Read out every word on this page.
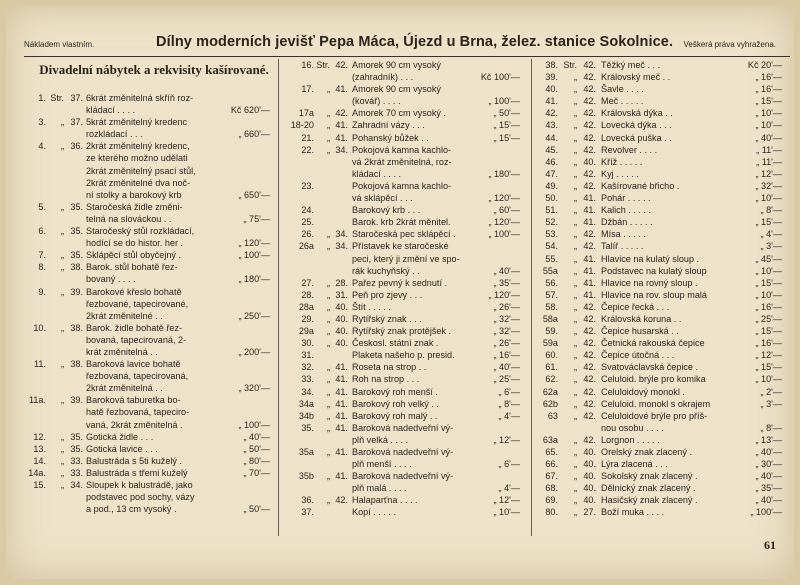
Nákladem vlastním.	Dílny moderních jevišť Pepa Máca, Újezd u Brna, želez. stanice Sokolnice. Veškerá práva vyhražena.
Divadelní nábytek a rekvisity kašírované.
1. Str. 37. 6krát změnitelná skříň roz-
kládací . . . .	Kč 620'—
3.	„ 37. 5krát změnitelný kredenc
rozkládací . . .	„ 660'—
4.	„ 36. 2krát změnitelný kredenc,
ze kterého možno udělati
2krát změnitelný psací stůl,
2krát změnitelné dva noč-
ní stolky a barokový krb	„ 650'—
5.	„ 35. Staročeská židle změni-
telná na slováckou . .	„ 75'—
6.	„ 35. Staročeský stůl rozkládací,
hodící se do histor. her .	„ 120'—
7.	„ 35. Sklápěcí stůl obyčejný .	„ 100'—
8.	„ 38. Barok. stůl bohatě řez-
bovaný . . . .	„ 180'—
9.	„ 39. Barokové křeslo bohatě
řezbované, tapecirované,
2krát změnitelné . .	„ 250'—
10.	„ 38. Barok. židle bohatě řez-
bovaná, tapecirovaná, 2-
krát změnitelná . .	„ 200'—
11.	„ 38. Baroková lavice bohatě
řezbovaná, tapecirovaná,
2krát změnitelná . .	„ 320'—
11a.	„ 39. Baroková taburetka bo-
hatě řezbovaná, tapeciro-
vaná, 2krát změnitelná .	„ 100'—
12.	„ 35. Gotická židle . . .	„ 40'—
13.	„ 35. Gotická lavice . . .	„ 50'—
14.	„ 33. Balustráda s 5ti kuželý .	„ 80'—
14a.	„ 33. Balustráda s třemi kuželý	„ 70'—
15.	„ 34. Sloupek k balustrádě, jako
podstavec pod sochy, vázy
a pod., 13 cm vysoký .	„ 50'—
16. Str. 42. Amorek 90 cm vysoký
(zahradník) . . .	Kč 100'—
17.	„ 41. Amorek 90 cm vysoký
(kovář) . . . .	„ 100'—
17a	„ 42. Amorek 70 cm vysoký .	„ 50'—
18-20	„ 41. Zahradní vázy . . .	„ 15'—
21.	„ 41. Pohanský bůžek . .	„ 15'—
22.	„ 34. Pokojová kamna kachlo-
vá 2krát změnitelná, roz-
kládací . . . .	„ 180'—
23.	Pokojová kamna kachlo-
vá sklápěcí . . .	„ 120'—
24.	Barokový krb . . .	„ 60'—
25.	Barok. krb 2krát měnitel.	„ 120'—
26.	„ 34. Staročeská pec sklápěcí .	„ 100'—
26a	„ 34. Přístavek ke staročeské
peci, který ji změní ve spo-
rák kuchyňský . .	„ 40'—
27.	„ 28. Pařez pevný k sednutí .	„ 35'—
28.	„ 31. Peň pro zjevy . . .	„ 120'—
28a	„ 40. Štít . . . . .	„ 26'—
29.	„ 40. Rytířský znak . . .	„ 32'—
29a	„ 40. Rytířský znak protějšek .	„ 32'—
30.	„ 40. Českosl. státní znak .	„ 26'—
31.	Plaketa našeho p. presid.	„ 16'—
32.	„ 41. Roseta na strop . .	„ 40'—
33.	„ 41. Roh na strop . . .	„ 25'—
34.	„ 41. Barokový roh menší .	„ 6'—
34a	„ 41. Barokový roh velký . .	„ 8'—
34b	„ 41. Barokový roh malý . .	„ 4'—
35.	„ 41. Baroková nadedveřní vý-
plň velká . . . .	„ 12'—
35a	„ 41. Baroková nadedveřní vý-
plň menší . . . .	„ 6'—
35b	„ 41. Baroková nadedveřní vý-
plň malá . . . .	„ 4'—
36.	„ 42. Halaparťna . . . .	„ 12'—
37.	Kopí . . . . .	„ 10'—
38. Str. 42. Těžký meč . . .	Kč 20'—
39.	„ 42. Královský meč . .	„ 16'—
40.	„ 42. Šavle . . . .	„ 16'—
41.	„ 42. Meč . . . . .	„ 15'—
42.	„ 42. Královská dýka . .	„ 10'—
43.	„ 42. Lovecká dýka . . .	„ 10'—
44.	„ 42. Lovecká puška . .	„ 40'—
45.	„ 42. Revolver . . . .	„ 11'—
46.	„ 40. Kříž . . . . .	„ 11'—
47.	„ 42. Kyj . . . . .	„ 12'—
49.	„ 42. Kašírované břicho .	„ 32'—
50.	„ 41. Pohár . . . . .	„ 10'—
51.	„ 41. Kalich . . . . .	„ 8'—
52.	„ 41. Džbán . . . . .	„ 15'—
53.	„ 42. Mísa . . . . .	„ 4'—
54.	„ 42. Talíř . . . . .	„ 3'—
55.	„ 41. Hlavice na kulatý sloup .	„ 45'—
55a	„ 41. Podstavec na kulatý sloup	„ 10'—
56.	„ 41. Hlavice na rovný sloup .	„ 15'—
57.	„ 41. Hlavice na rov. sloup malá	„ 10'—
58.	„ 42. Čepice řecká . . .	„ 16'—
58a	„ 42. Královská koruna . .	„ 25'—
59.	„ 42. Čepice husarská . .	„ 15'—
59a	„ 42. Četnická rakouská čepice	„ 16'—
60.	„ 42. Čepice útočná . . .	„ 12'—
61.	„ 42. Svatováclavská čepice .	„ 15'—
62.	„ 42. Celuloid. brýle pro komika	„ 10'—
62a	„ 42. Celuloidový monokl .	„ 2'—
62b	„ 42. Celuloid. monokl s okrajem	„ 3'—
63	„ 42. Celuloidové brýle pro příš-
nou osobu . . . .	„ 8'—
63a	„ 42. Lorgnon . . . . .	„ 13'—
65.	„ 40. Orelský znak zlacený .	„ 40'—
66.	„ 40. Lýra zlacená . . .	„ 30'—
67.	„ 40. Sokolský znak zlacený .	„ 40'—
68.	„ 40. Dělnický znak zlacený .	„ 35'—
69.	„ 40. Hasičský znak zlacený .	„ 40'—
80.	„ 27. Boží muka . . . .	„ 100'—
61
